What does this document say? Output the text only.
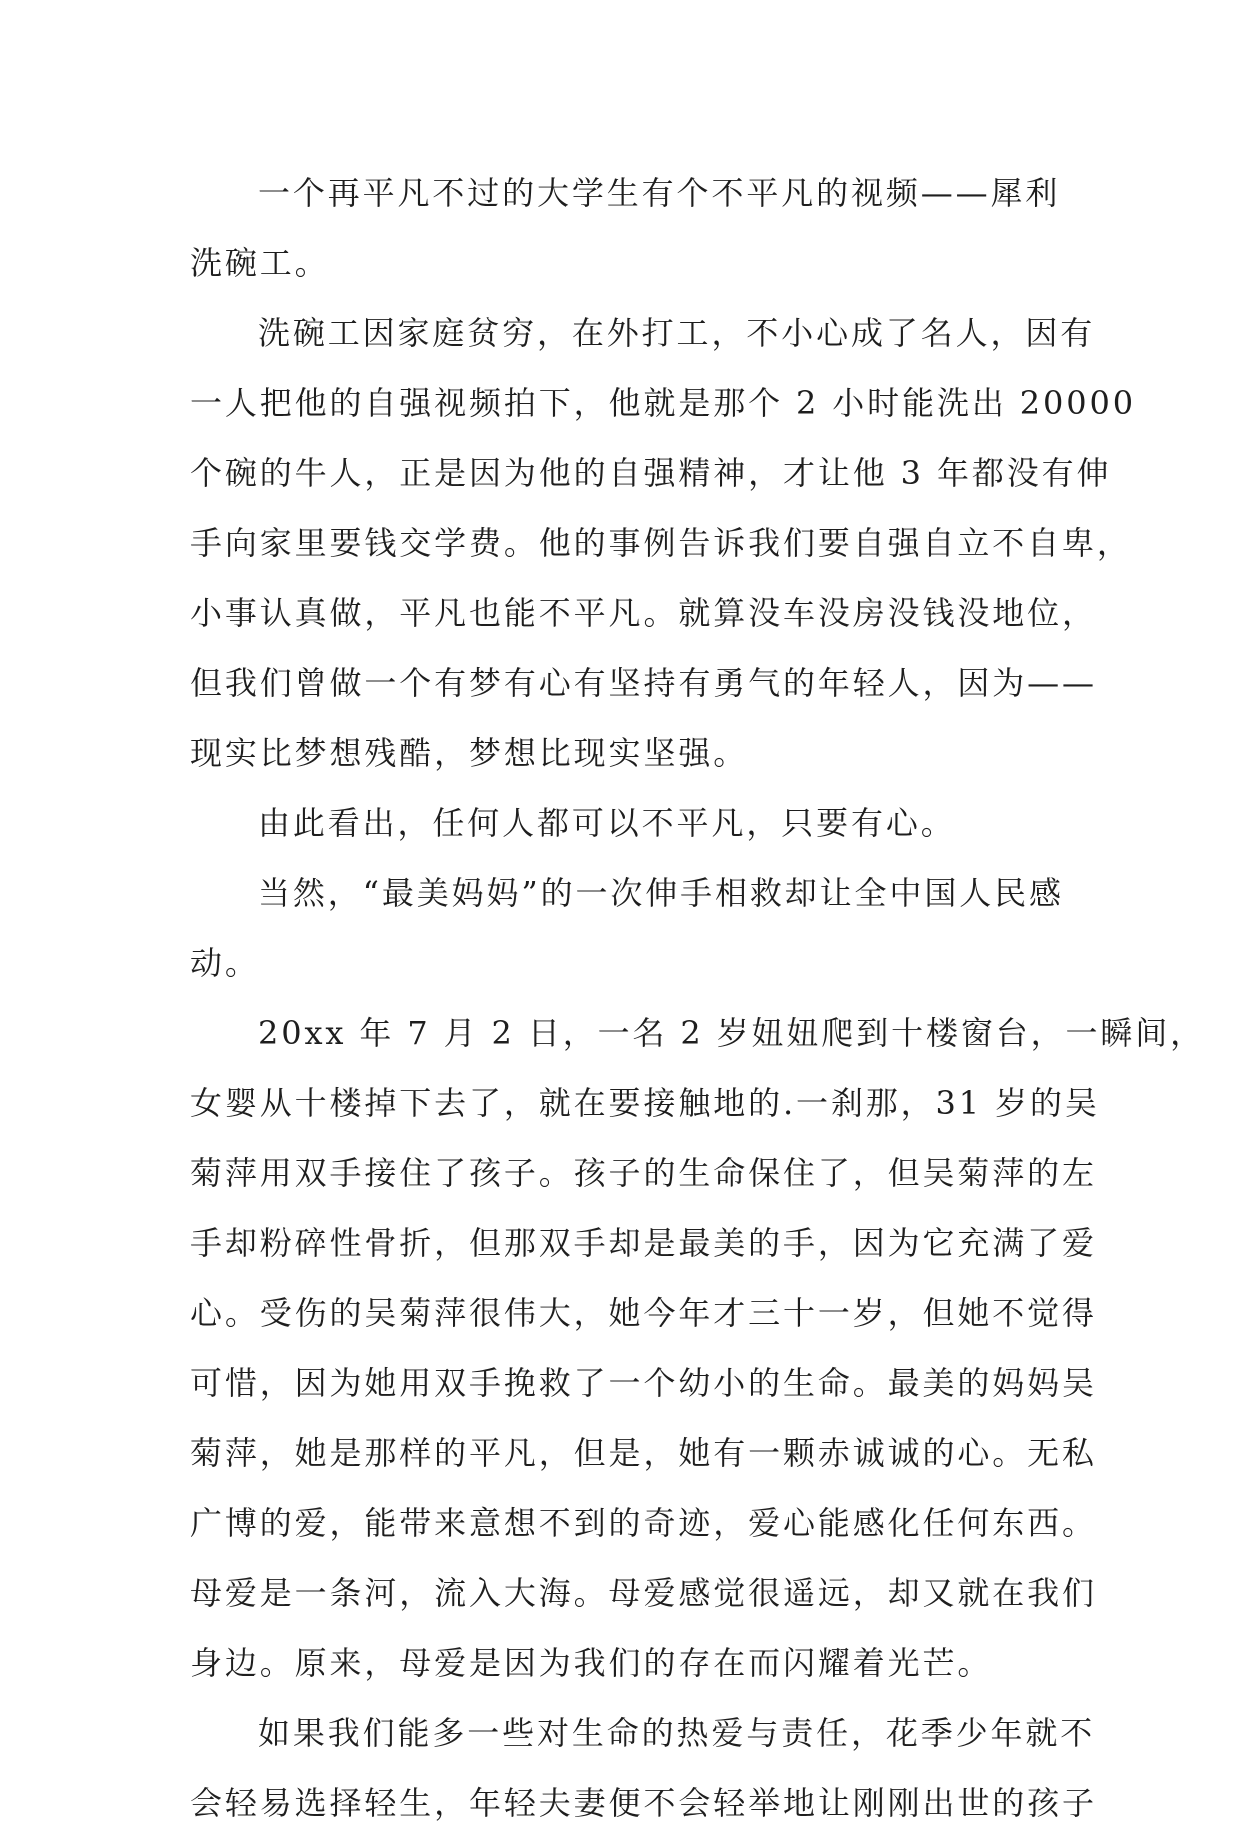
一个再平凡不过的大学生有个不平凡的视频——犀利
洗碗工。
洗碗工因家庭贫穷，在外打工，不小心成了名人，因有
一人把他的自强视频拍下，他就是那个 2 小时能洗出 20000
个碗的牛人，正是因为他的自强精神，才让他 3 年都没有伸
手向家里要钱交学费。他的事例告诉我们要自强自立不自卑，
小事认真做，平凡也能不平凡。就算没车没房没钱没地位，
但我们曾做一个有梦有心有坚持有勇气的年轻人，因为——
现实比梦想残酷，梦想比现实坚强。
由此看出，任何人都可以不平凡，只要有心。
当然，“最美妈妈”的一次伸手相救却让全中国人民感
动。
20xx 年 7 月 2 日，一名 2 岁妞妞爬到十楼窗台，一瞬间，
女婴从十楼掉下去了，就在要接触地的.一刹那，31 岁的吴
菊萍用双手接住了孩子。孩子的生命保住了，但吴菊萍的左
手却粉碎性骨折，但那双手却是最美的手，因为它充满了爱
心。受伤的吴菊萍很伟大，她今年才三十一岁，但她不觉得
可惜，因为她用双手挽救了一个幼小的生命。最美的妈妈吴
菊萍，她是那样的平凡，但是，她有一颗赤诚诚的心。无私
广博的爱，能带来意想不到的奇迹，爱心能感化任何东西。
母爱是一条河，流入大海。母爱感觉很遥远，却又就在我们
身边。原来，母爱是因为我们的存在而闪耀着光芒。
如果我们能多一些对生命的热爱与责任，花季少年就不
会轻易选择轻生，年轻夫妻便不会轻举地让刚刚出世的孩子
